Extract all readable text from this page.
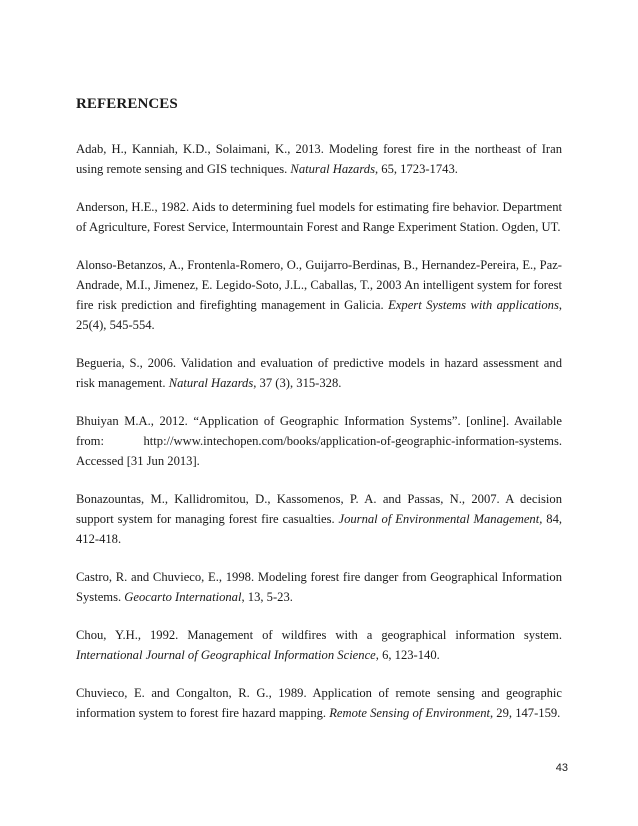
REFERENCES

Adab, H., Kanniah, K.D., Solaimani, K., 2013. Modeling forest fire in the northeast of Iran using remote sensing and GIS techniques. Natural Hazards, 65, 1723-1743.

Anderson, H.E., 1982. Aids to determining fuel models for estimating fire behavior. Department of Agriculture, Forest Service, Intermountain Forest and Range Experiment Station. Ogden, UT.

Alonso-Betanzos, A., Frontenla-Romero, O., Guijarro-Berdinas, B., Hernandez-Pereira, E., Paz-Andrade, M.I., Jimenez, E. Legido-Soto, J.L., Caballas, T., 2003 An intelligent system for forest fire risk prediction and firefighting management in Galicia. Expert Systems with applications, 25(4), 545-554.

Begueria, S., 2006. Validation and evaluation of predictive models in hazard assessment and risk management. Natural Hazards, 37 (3), 315-328.

Bhuiyan M.A., 2012. “Application of Geographic Information Systems”. [online]. Available from: http://www.intechopen.com/books/application-of-geographic-information-systems. Accessed [31 Jun 2013].

Bonazountas, M., Kallidromitou, D., Kassomenos, P. A. and Passas, N., 2007. A decision support system for managing forest fire casualties. Journal of Environmental Management, 84, 412-418.

Castro, R. and Chuvieco, E., 1998. Modeling forest fire danger from Geographical Information Systems. Geocarto International, 13, 5-23.

Chou, Y.H., 1992. Management of wildfires with a geographical information system. International Journal of Geographical Information Science, 6, 123-140.

Chuvieco, E. and Congalton, R. G., 1989. Application of remote sensing and geographic information system to forest fire hazard mapping. Remote Sensing of Environment, 29, 147-159.

43
